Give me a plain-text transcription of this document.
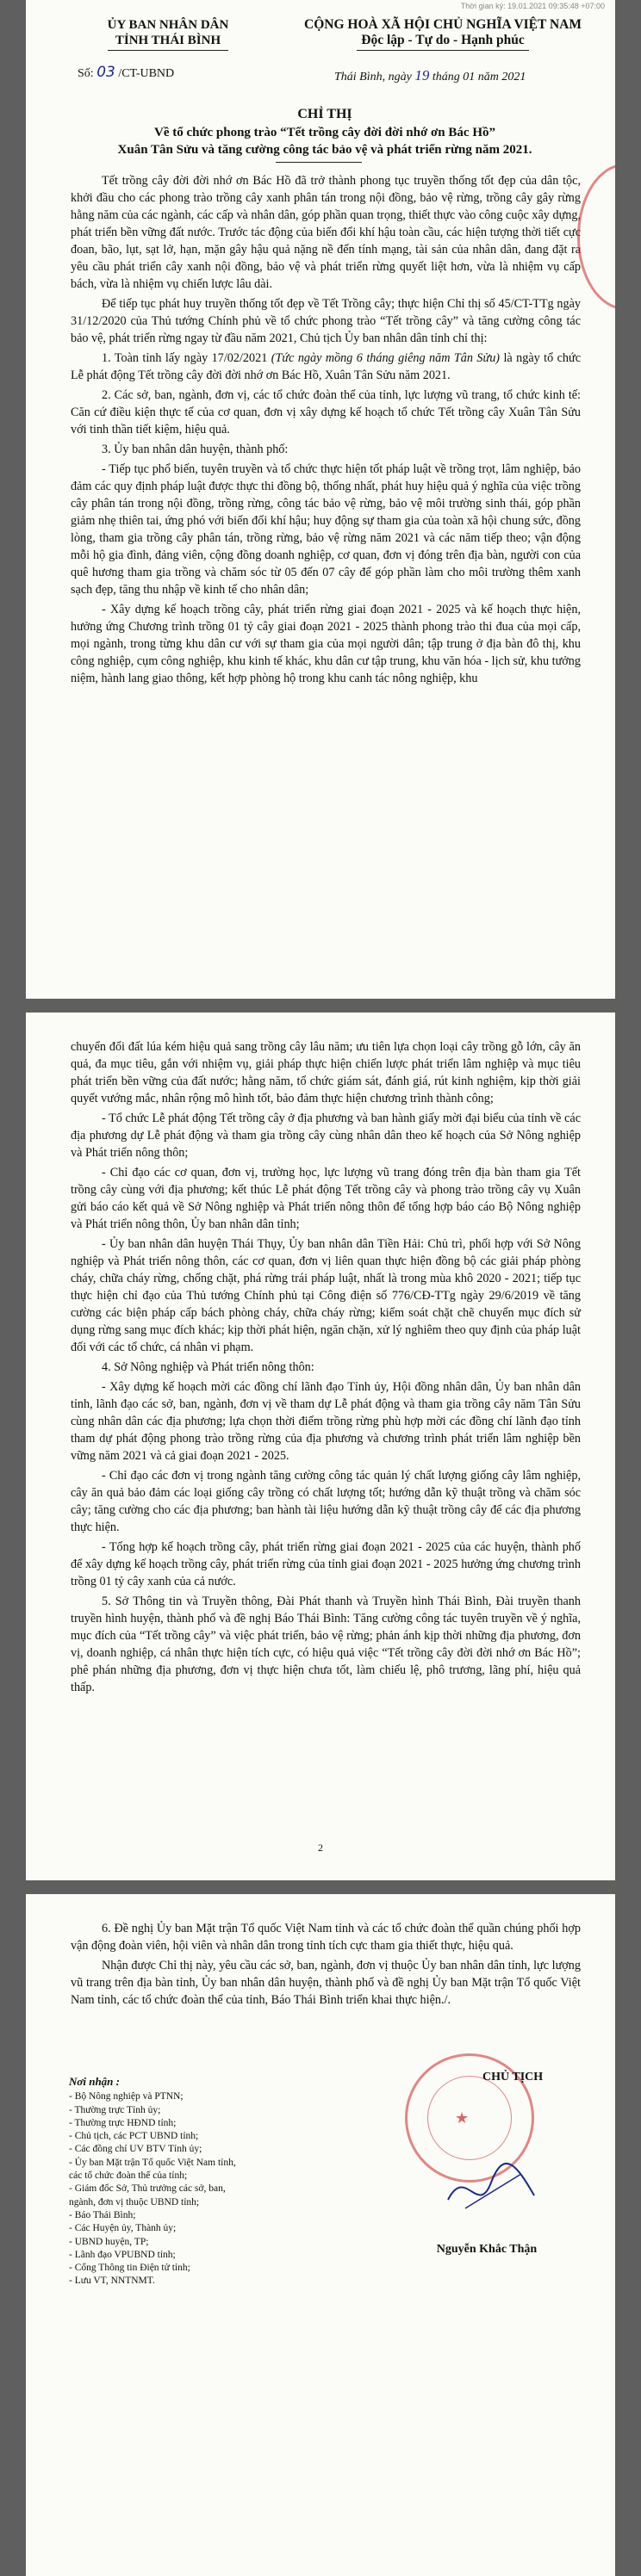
Thời gian ký: 19.01.2021 09:35:48 +07:00
ỦY BAN NHÂN DÂN
TỈNH THÁI BÌNH
Số: 03 /CT-UBND
CỘNG HOÀ XÃ HỘI CHỦ NGHĨA VIỆT NAM
Độc lập - Tự do - Hạnh phúc
Thái Bình, ngày 19 tháng 01 năm 2021
CHỈ THỊ
Về tổ chức phong trào “Tết trồng cây đời đời nhớ ơn Bác Hồ”
Xuân Tân Sửu và tăng cường công tác bảo vệ và phát triển rừng năm 2021.

Tết trồng cây đời đời nhớ ơn Bác Hồ đã trở thành phong tục truyền thống tốt đẹp của dân tộc, khởi đầu cho các phong trào trồng cây xanh phân tán trong nội đồng, bảo vệ rừng, trồng cây gây rừng hằng năm của các ngành, các cấp và nhân dân, góp phần quan trọng, thiết thực vào công cuộc xây dựng, phát triển bền vững đất nước. Trước tác động của biến đổi khí hậu toàn cầu, các hiện tượng thời tiết cực đoan, bão, lụt, sạt lở, hạn, mặn gây hậu quả nặng nề đến tính mạng, tài sản của nhân dân, đang đặt ra yêu cầu phát triển cây xanh nội đồng, bảo vệ và phát triển rừng quyết liệt hơn, vừa là nhiệm vụ cấp bách, vừa là nhiệm vụ chiến lược lâu dài.

Để tiếp tục phát huy truyền thống tốt đẹp về Tết Trồng cây; thực hiện Chỉ thị số 45/CT-TTg ngày 31/12/2020 của Thủ tướng Chính phủ về tổ chức phong trào “Tết trồng cây” và tăng cường công tác bảo vệ, phát triển rừng ngay từ đầu năm 2021, Chủ tịch Ủy ban nhân dân tỉnh chỉ thị:

1. Toàn tỉnh lấy ngày 17/02/2021 (Tức ngày mồng 6 tháng giêng năm Tân Sửu) là ngày tổ chức Lễ phát động Tết trồng cây đời đời nhớ ơn Bác Hồ, Xuân Tân Sửu năm 2021.

2. Các sở, ban, ngành, đơn vị, các tổ chức đoàn thể của tỉnh, lực lượng vũ trang, tổ chức kinh tế: Căn cứ điều kiện thực tế của cơ quan, đơn vị xây dựng kế hoạch tổ chức Tết trồng cây Xuân Tân Sửu với tinh thần tiết kiệm, hiệu quả.

3. Ủy ban nhân dân huyện, thành phố:

- Tiếp tục phổ biến, tuyên truyền và tổ chức thực hiện tốt pháp luật về trồng trọt, lâm nghiệp, bảo đảm các quy định pháp luật được thực thi đồng bộ, thống nhất, phát huy hiệu quả ý nghĩa của việc trồng cây phân tán trong nội đồng, trồng rừng, công tác bảo vệ rừng, bảo vệ môi trường sinh thái, góp phần giảm nhẹ thiên tai, ứng phó với biến đổi khí hậu; huy động sự tham gia của toàn xã hội chung sức, đồng lòng, tham gia trồng cây phân tán, trồng rừng, bảo vệ rừng năm 2021 và các năm tiếp theo; vận động mỗi hộ gia đình, đảng viên, cộng đồng doanh nghiệp, cơ quan, đơn vị đóng trên địa bàn, người con của quê hương tham gia trồng và chăm sóc từ 05 đến 07 cây để góp phần làm cho môi trường thêm xanh sạch đẹp, tăng thu nhập về kinh tế cho nhân dân;

- Xây dựng kế hoạch trồng cây, phát triển rừng giai đoạn 2021 - 2025 và kế hoạch thực hiện, hưởng ứng Chương trình trồng 01 tỷ cây giai đoạn 2021 - 2025 thành phong trào thi đua của mọi cấp, mọi ngành, trong từng khu dân cư với sự tham gia của mọi người dân; tập trung ở địa bàn đô thị, khu công nghiệp, cụm công nghiệp, khu kinh tế khác, khu dân cư tập trung, khu văn hóa - lịch sử, khu tưởng niệm, hành lang giao thông, kết hợp phòng hộ trong khu canh tác nông nghiệp, khu

chuyển đổi đất lúa kém hiệu quả sang trồng cây lâu năm; ưu tiên lựa chọn loại cây trồng gỗ lớn, cây ăn quả, đa mục tiêu, gắn với nhiệm vụ, giải pháp thực hiện chiến lược phát triển lâm nghiệp và mục tiêu phát triển bền vững của đất nước; hằng năm, tổ chức giám sát, đánh giá, rút kinh nghiệm, kịp thời giải quyết vướng mắc, nhân rộng mô hình tốt, bảo đảm thực hiện chương trình thành công;

- Tổ chức Lễ phát động Tết trồng cây ở địa phương và ban hành giấy mời đại biểu của tỉnh về các địa phương dự Lễ phát động và tham gia trồng cây cùng nhân dân theo kế hoạch của Sở Nông nghiệp và Phát triển nông thôn;

- Chỉ đạo các cơ quan, đơn vị, trường học, lực lượng vũ trang đóng trên địa bàn tham gia Tết trồng cây cùng với địa phương; kết thúc Lễ phát động Tết trồng cây và phong trào trồng cây vụ Xuân gửi báo cáo kết quả về Sở Nông nghiệp và Phát triển nông thôn để tổng hợp báo cáo Bộ Nông nghiệp và Phát triển nông thôn, Ủy ban nhân dân tỉnh;

- Ủy ban nhân dân huyện Thái Thụy, Ủy ban nhân dân Tiền Hải: Chủ trì, phối hợp với Sở Nông nghiệp và Phát triển nông thôn, các cơ quan, đơn vị liên quan thực hiện đồng bộ các giải pháp phòng cháy, chữa cháy rừng, chống chặt, phá rừng trái pháp luật, nhất là trong mùa khô 2020 - 2021; tiếp tục thực hiện chỉ đạo của Thủ tướng Chính phủ tại Công điện số 776/CĐ-TTg ngày 29/6/2019 về tăng cường các biện pháp cấp bách phòng cháy, chữa cháy rừng; kiểm soát chặt chẽ chuyển mục đích sử dụng rừng sang mục đích khác; kịp thời phát hiện, ngăn chặn, xử lý nghiêm theo quy định của pháp luật đối với các tổ chức, cá nhân vi phạm.

4. Sở Nông nghiệp và Phát triển nông thôn:

- Xây dựng kế hoạch mời các đồng chí lãnh đạo Tỉnh ủy, Hội đồng nhân dân, Ủy ban nhân dân tỉnh, lãnh đạo các sở, ban, ngành, đơn vị về tham dự Lễ phát động và tham gia trồng cây năm Tân Sửu cùng nhân dân các địa phương; lựa chọn thời điểm trồng rừng phù hợp mời các đồng chí lãnh đạo tỉnh tham dự phát động phong trào trồng rừng của địa phương và chương trình phát triển lâm nghiệp bền vững năm 2021 và cả giai đoạn 2021 - 2025.

- Chỉ đạo các đơn vị trong ngành tăng cường công tác quản lý chất lượng giống cây lâm nghiệp, cây ăn quả bảo đảm các loại giống cây trồng có chất lượng tốt; hướng dẫn kỹ thuật trồng và chăm sóc cây; tăng cường cho các địa phương; ban hành tài liệu hướng dẫn kỹ thuật trồng cây để các địa phương thực hiện.

- Tổng hợp kế hoạch trồng cây, phát triển rừng giai đoạn 2021 - 2025 của các huyện, thành phố để xây dựng kế hoạch trồng cây, phát triển rừng của tỉnh giai đoạn 2021 - 2025 hưởng ứng chương trình trồng 01 tỷ cây xanh của cả nước.

5. Sở Thông tin và Truyền thông, Đài Phát thanh và Truyền hình Thái Bình, Đài truyền thanh truyền hình huyện, thành phố và đề nghị Báo Thái Bình: Tăng cường công tác tuyên truyền về ý nghĩa, mục đích của “Tết trồng cây” và việc phát triển, bảo vệ rừng; phản ánh kịp thời những địa phương, đơn vị, doanh nghiệp, cá nhân thực hiện tích cực, có hiệu quả việc “Tết trồng cây đời đời nhớ ơn Bác Hồ”; phê phán những địa phương, đơn vị thực hiện chưa tốt, làm chiếu lệ, phô trương, lãng phí, hiệu quả thấp.

2

6. Đề nghị Ủy ban Mặt trận Tổ quốc Việt Nam tỉnh và các tổ chức đoàn thể quần chúng phối hợp vận động đoàn viên, hội viên và nhân dân trong tỉnh tích cực tham gia thiết thực, hiệu quả.

Nhận được Chỉ thị này, yêu cầu các sở, ban, ngành, đơn vị thuộc Ủy ban nhân dân tỉnh, lực lượng vũ trang trên địa bàn tỉnh, Ủy ban nhân dân huyện, thành phố và đề nghị Ủy ban Mặt trận Tổ quốc Việt Nam tỉnh, các tổ chức đoàn thể của tỉnh, Báo Thái Bình triển khai thực hiện./.

Nơi nhận :
- Bộ Nông nghiệp và PTNN;
- Thường trực Tỉnh ủy;
- Thường trực HĐND tỉnh;
- Chủ tịch, các PCT UBND tỉnh;
- Các đồng chí UV BTV Tỉnh ủy;
- Ủy ban Mặt trận Tổ quốc Việt Nam tỉnh,
các tổ chức đoàn thể của tỉnh;
- Giám đốc Sở, Thủ trưởng các sở, ban,
ngành, đơn vị thuộc UBND tỉnh;
- Báo Thái Bình;
- Các Huyện ủy, Thành ủy;
- UBND huyện, TP;
- Lãnh đạo VPUBND tỉnh;
- Cổng Thông tin Điện tử tỉnh;
- Lưu VT, NNTNMT.
★
CHỦ TỊCH
Nguyễn Khắc Thận
